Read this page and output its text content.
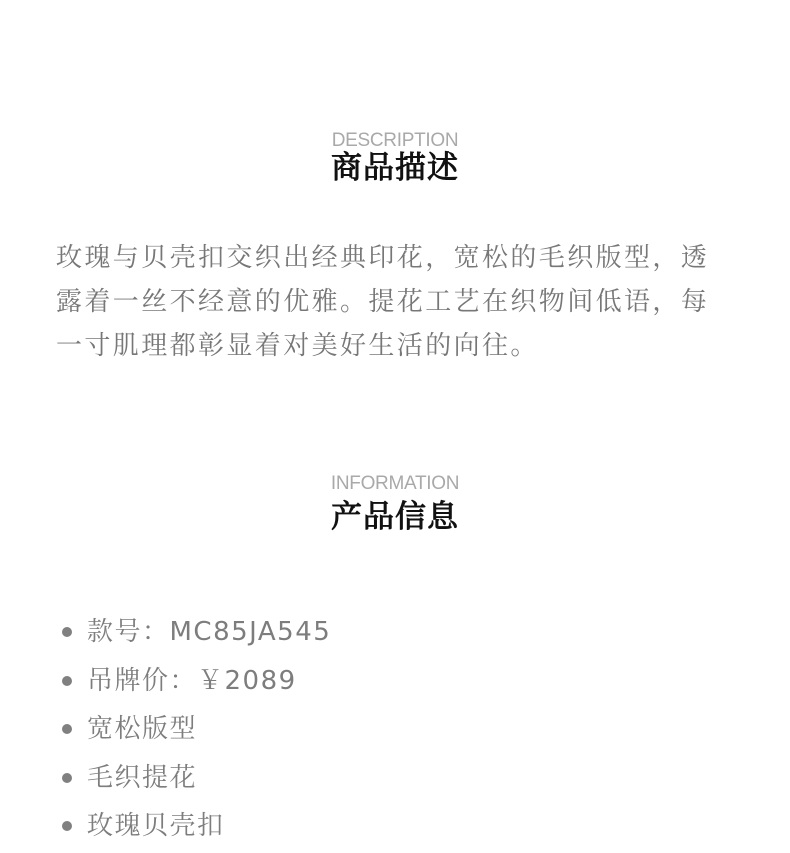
DESCRIPTION
商品描述

玫瑰与贝壳扣交织出经典印花，宽松的毛织版型，透露着一丝不经意的优雅。提花工艺在织物间低语，每一寸肌理都彰显着对美好生活的向往。

INFORMATION
产品信息
款号：MC85JA545
吊牌价：￥2089
宽松版型
毛织提花
玫瑰贝壳扣
